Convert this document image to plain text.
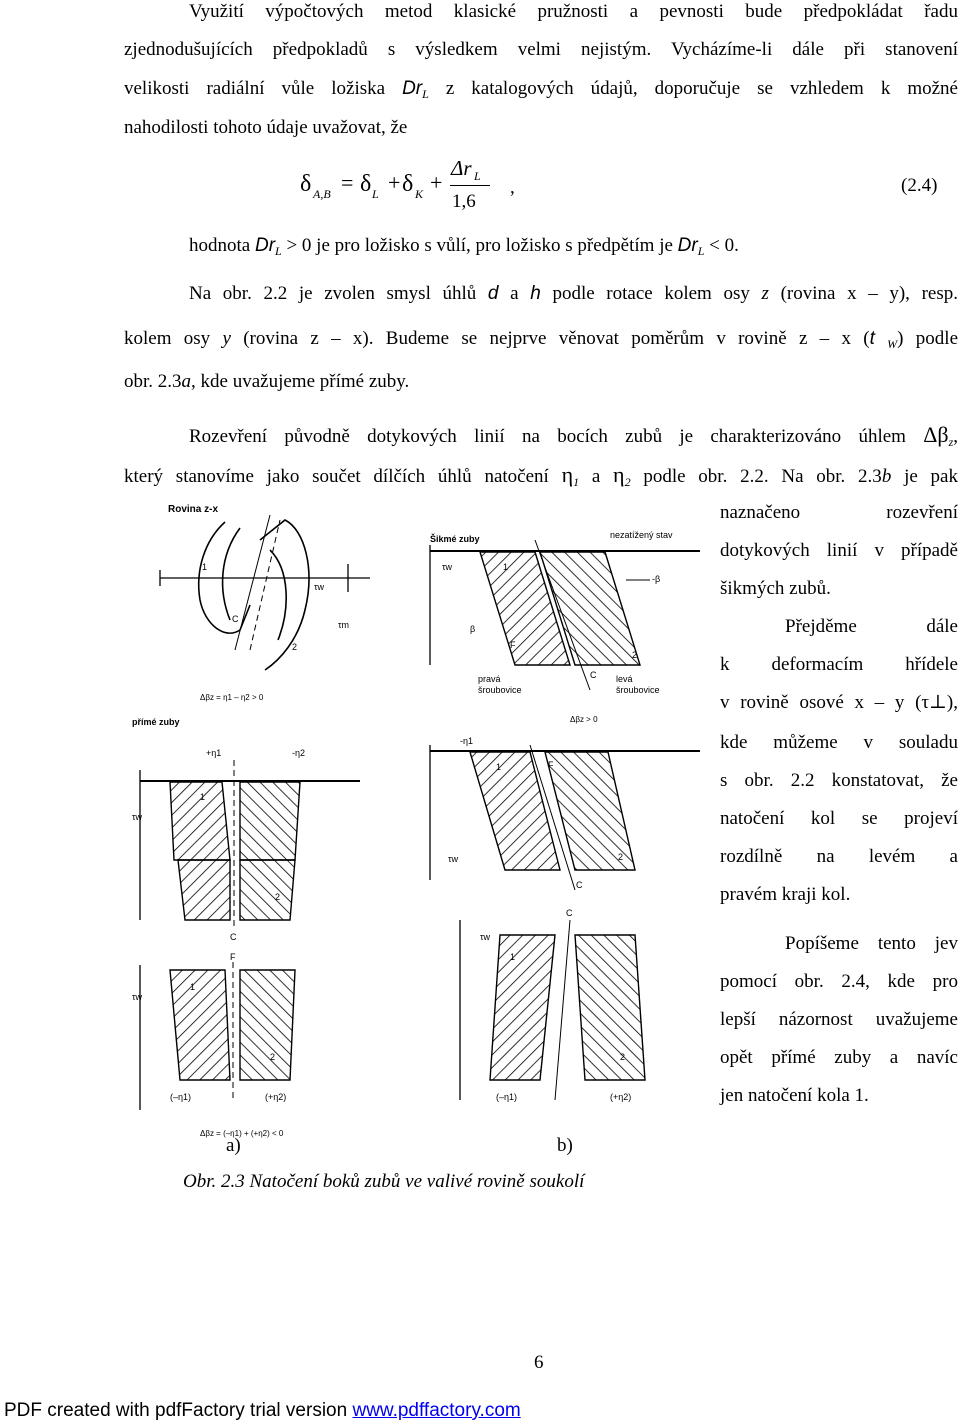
Využití výpočtových metod klasické pružnosti a pevnosti bude předpokládat řadu
zjednodušujících předpokladů s výsledkem velmi nejistým. Vycházíme-li dále při stanovení
velikosti radiální vůle ložiska $Dr_L$ z katalogových údajů, doporučuje se vzhledem k možné
nahodilosti tohoto údaje uvažovat, že
δ A,B = δ L + δ K +
Δr L
1,6
,	(2.4)
hodnota $Dr_L > 0$ je pro ložisko s vůlí, pro ložisko s předpětím je $Dr_L < 0$.
Na obr. 2.2 je zvolen smysl úhlů d a h podle rotace kolem osy z (rovina x – y), resp.
kolem osy y (rovina z – x). Budeme se nejprve věnovat poměrům v rovině z – x (t $_W$) podle
obr. 2.3a, kde uvažujeme přímé zuby.
Rozevření původně dotykových linií na bocích zubů je charakterizováno úhlem $\Delta\beta_z$,
který stanovíme jako součet dílčích úhlů natočení $\eta_1$ a $\eta_2$ podle obr. 2.2. Na obr. 2.3b je pak
naznačeno rozevření
dotykových linií v případě
šikmých zubů.
Přejděme dále
k deformacím hřídele
v rovině osové x – y (τ⊥),
kde můžeme v souladu
s obr. 2.2 konstatovat, že
natočení kol se projeví
rozdílně na levém a
pravém kraji kol.
Popíšeme tento jev
pomocí obr. 2.4, kde pro
lepší názornost uvažujeme
opět přímé zuby a navíc
jen natočení kola 1.
Rovina z-x
1
2
C
τw
τm
Δβz = η1 – η2 > 0
přímé zuby
+η1	-η2
τw
1
2
C
F
τw
1
2
(–η1)	(+η2)
Δβz = (–η1) + (+η2) < 0
Šikmé zuby	nezatížený stav
-β
τw	1
2
β
F
C
pravá
šroubovice
levá
šroubovice
Δβz > 0
-η1
1
2
F
C
τw
C
τw
1
2
(–η1)	(+η2)
a)	b)
Obr. 2.3 Natočení boků zubů ve valivé rovině soukolí
6
PDF created with pdfFactory trial version www.pdffactory.com
